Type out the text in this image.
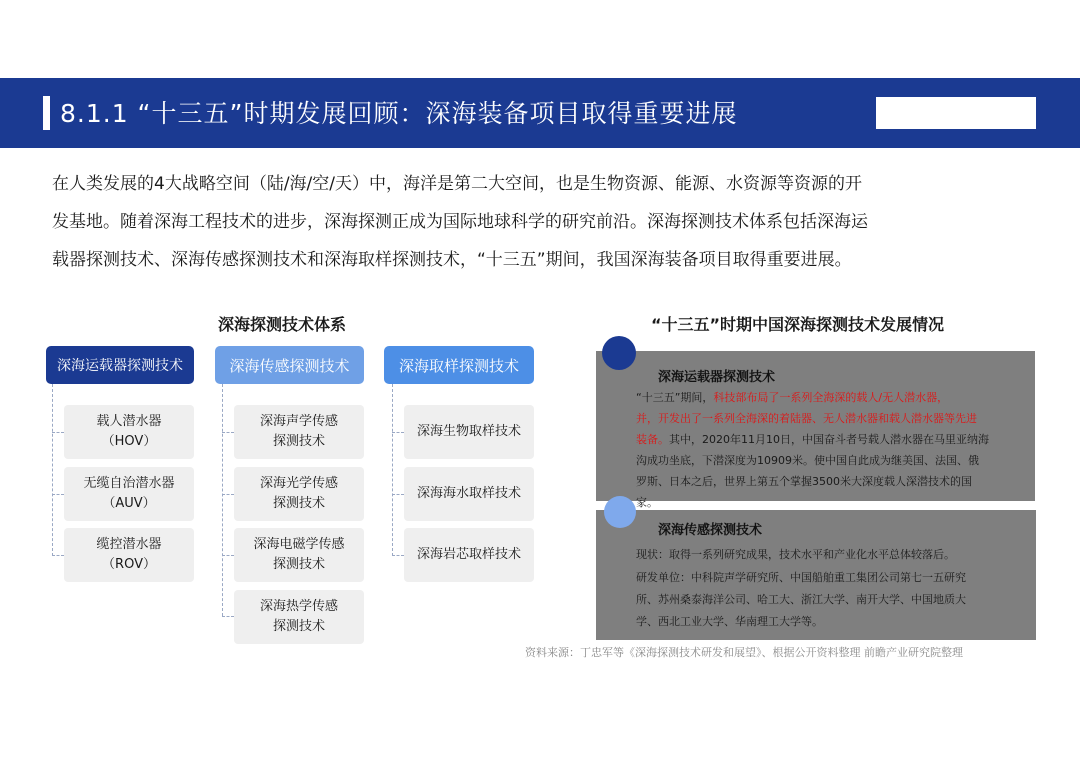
8.1.1 “十三五”时期发展回顾：深海装备项目取得重要进展

在人类发展的4大战略空间（陆/海/空/天）中，海洋是第二大空间，也是生物资源、能源、水资源等资源的开

发基地。随着深海工程技术的进步，深海探测正成为国际地球科学的研究前沿。深海探测技术体系包括深海运

载器探测技术、深海传感探测技术和深海取样探测技术，“十三五”期间，我国深海装备项目取得重要进展。

深海探测技术体系
深海运载器探测技术	深海传感探测技术	深海取样探测技术
载人潜水器
（HOV）
无缆自治潜水器
（AUV）
缆控潜水器
（ROV）
深海声学传感
探测技术
深海光学传感
探测技术
深海电磁学传感
探测技术
深海热学传感
探测技术
深海生物取样技术
深海海水取样技术
深海岩芯取样技术
“十三五”时期中国深海探测技术发展情况
深海运载器探测技术
“十三五”期间，科技部布局了一系列全海深的载人/无人潜水器，
并，开发出了一系列全海深的着陆器、无人潜水器和载人潜水器等先进
装备。其中，2020年11月10日，中国奋斗者号载人潜水器在马里亚纳海
沟成功坐底，下潜深度为10909米。使中国自此成为继美国、法国、俄
罗斯、日本之后，世界上第五个掌握3500米大深度载人深潜技术的国
家。
深海传感探测技术
现状：取得一系列研究成果，技术水平和产业化水平总体较落后。
研发单位：中科院声学研究所、中国船舶重工集团公司第七一五研究
所、苏州桑泰海洋公司、哈工大、浙江大学、南开大学、中国地质大
学、西北工业大学、华南理工大学等。
资料来源：丁忠军等《深海探测技术研发和展望》、根据公开资料整理 前瞻产业研究院整理
